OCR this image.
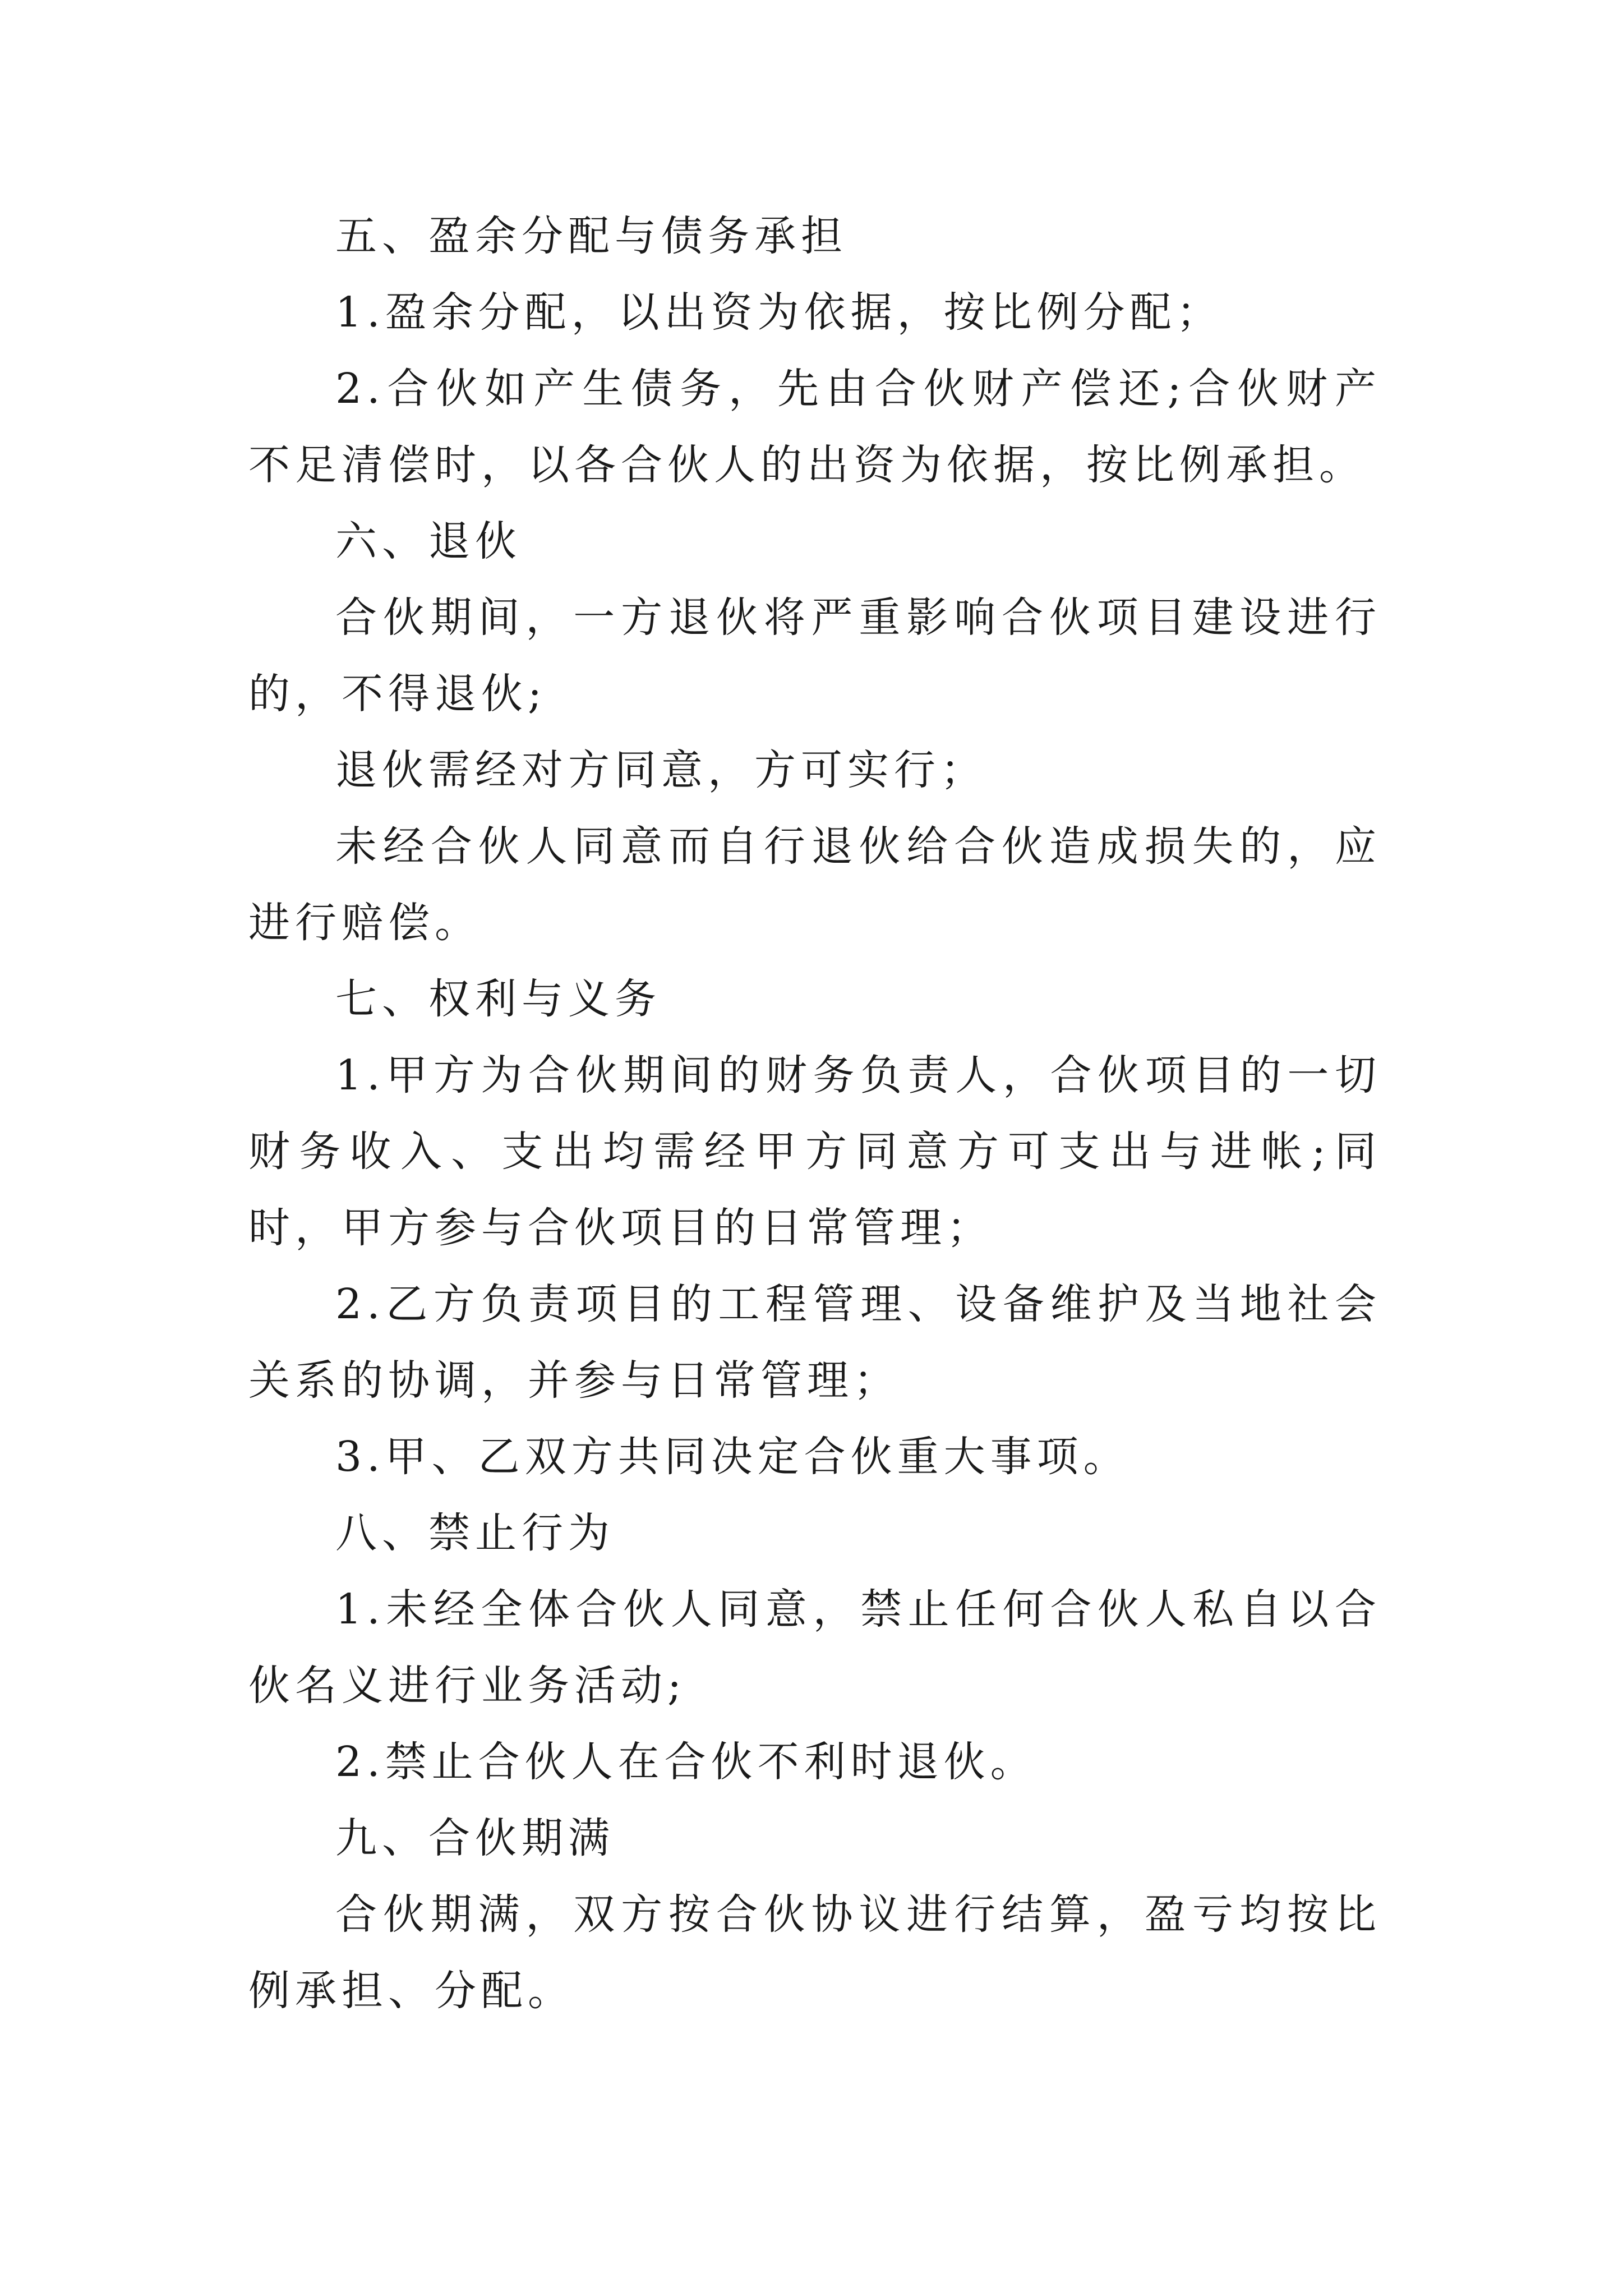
五、盈余分配与债务承担

1.盈余分配，以出资为依据，按比例分配；

2.合伙如产生债务，先由合伙财产偿还;合伙财产不足清偿时，以各合伙人的出资为依据，按比例承担。

六、退伙

合伙期间，一方退伙将严重影响合伙项目建设进行的，不得退伙;

退伙需经对方同意，方可实行；

未经合伙人同意而自行退伙给合伙造成损失的，应进行赔偿。

七、权利与义务

1.甲方为合伙期间的财务负责人，合伙项目的一切财务收入、支出均需经甲方同意方可支出与进帐;同时，甲方参与合伙项目的日常管理；

2.乙方负责项目的工程管理、设备维护及当地社会关系的协调，并参与日常管理；

3.甲、乙双方共同决定合伙重大事项。

八、禁止行为

1.未经全体合伙人同意，禁止任何合伙人私自以合伙名义进行业务活动;

2.禁止合伙人在合伙不利时退伙。

九、合伙期满

合伙期满，双方按合伙协议进行结算，盈亏均按比例承担、分配。
